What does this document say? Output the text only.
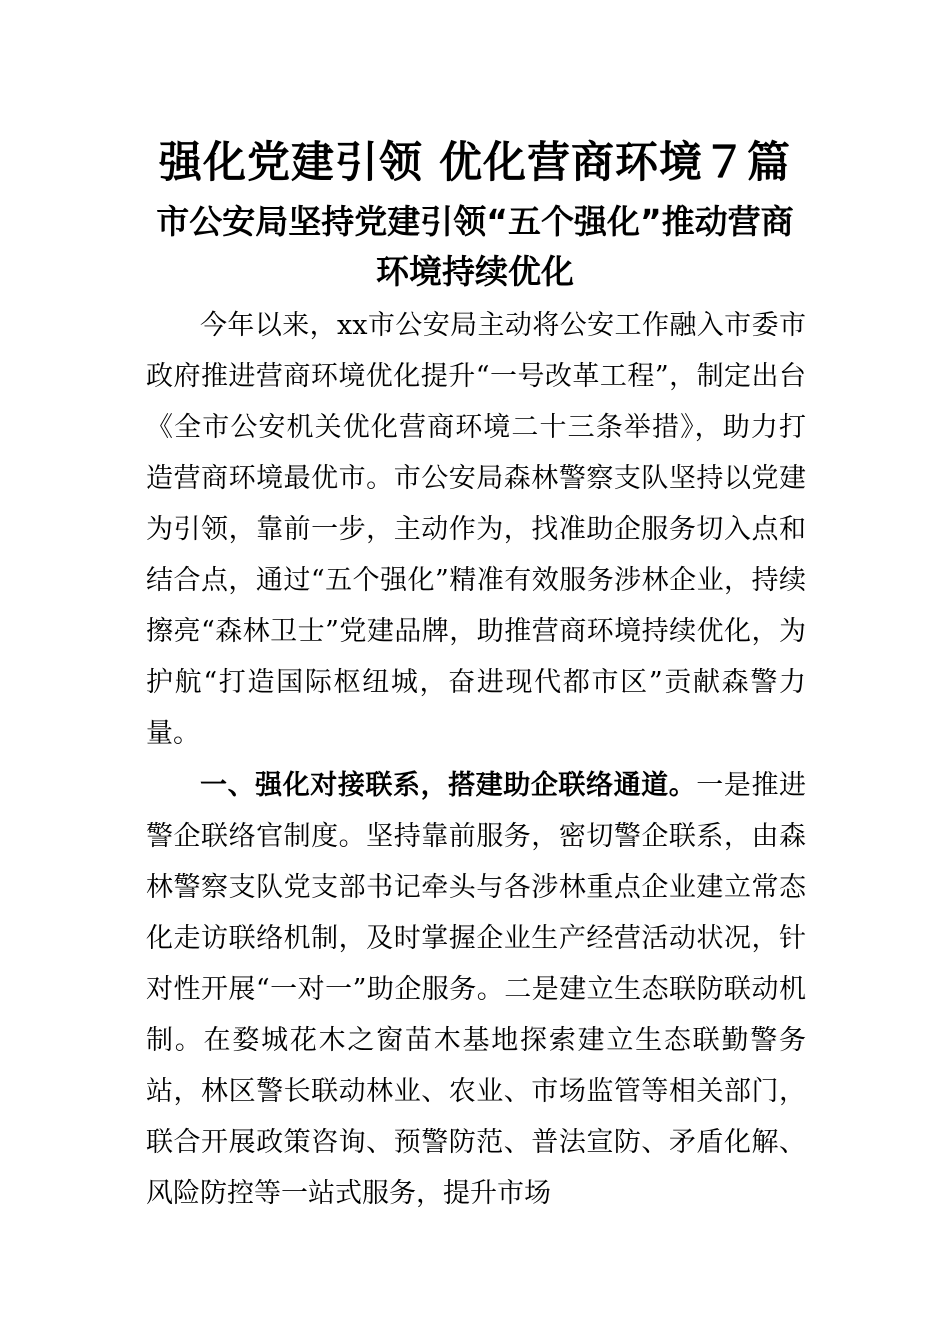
强化党建引领 优化营商环境７篇
市公安局坚持党建引领“五个强化”推动营商环境持续优化

今年以来，xx市公安局主动将公安工作融入市委市政府推进营商环境优化提升“一号改革工程”，制定出台《全市公安机关优化营商环境二十三条举措》，助力打造营商环境最优市。市公安局森林警察支队坚持以党建为引领，靠前一步，主动作为，找准助企服务切入点和结合点，通过“五个强化”精准有效服务涉林企业，持续擦亮“森林卫士”党建品牌，助推营商环境持续优化，为护航“打造国际枢纽城，奋进现代都市区”贡献森警力量。

一、强化对接联系，搭建助企联络通道。一是推进警企联络官制度。坚持靠前服务，密切警企联系，由森林警察支队党支部书记牵头与各涉林重点企业建立常态化走访联络机制，及时掌握企业生产经营活动状况，针对性开展“一对一”助企服务。二是建立生态联防联动机制。在婺城花木之窗苗木基地探索建立生态联勤警务站，林区警长联动林业、农业、市场监管等相关部门，联合开展政策咨询、预警防范、普法宣防、矛盾化解、风险防控等一站式服务，提升市场
